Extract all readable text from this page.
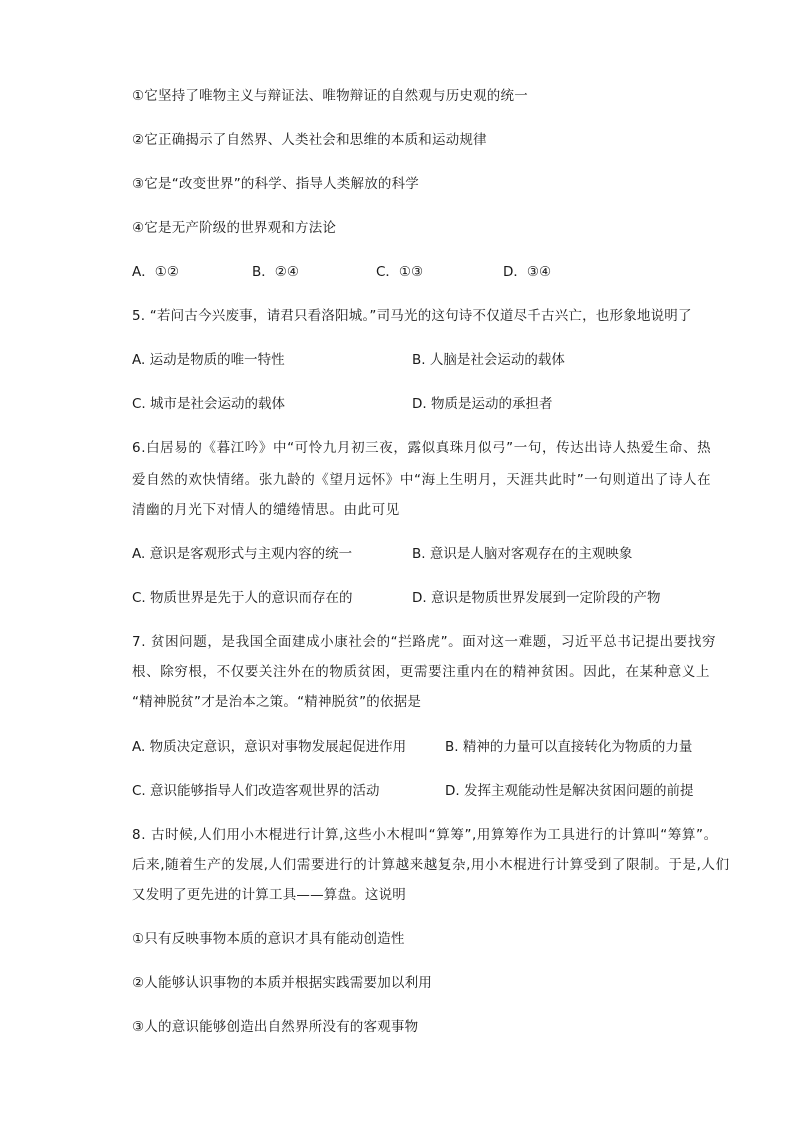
①它坚持了唯物主义与辩证法、唯物辩证的自然观与历史观的统一
②它正确揭示了自然界、人类社会和思维的本质和运动规律
③它是“改变世界”的科学、指导人类解放的科学
④它是无产阶级的世界观和方法论
A．①②	B．②④	C．①③	D．③④
5. “若问古今兴废事，请君只看洛阳城。”司马光的这句诗不仅道尽千古兴亡，也形象地说明了
A. 运动是物质的唯一特性	B. 人脑是社会运动的载体
C. 城市是社会运动的载体	D. 物质是运动的承担者
6.白居易的《暮江吟》中“可怜九月初三夜，露似真珠月似弓”一句，传达出诗人热爱生命、热
爱自然的欢快情绪。张九龄的《望月远怀》中“海上生明月，天涯共此时”一句则道出了诗人在
清幽的月光下对情人的缱绻情思。由此可见
A. 意识是客观形式与主观内容的统一	B. 意识是人脑对客观存在的主观映象
C. 物质世界是先于人的意识而存在的	D. 意识是物质世界发展到一定阶段的产物
7. 贫困问题，是我国全面建成小康社会的“拦路虎”。面对这一难题，习近平总书记提出要找穷
根、除穷根，不仅要关注外在的物质贫困，更需要注重内在的精神贫困。因此，在某种意义上
“精神脱贫”才是治本之策。“精神脱贫”的依据是
A. 物质决定意识，意识对事物发展起促进作用	B. 精神的力量可以直接转化为物质的力量
C. 意识能够指导人们改造客观世界的活动	D. 发挥主观能动性是解决贫困问题的前提
8. 古时候,人们用小木棍进行计算,这些小木棍叫“算筹”,用算筹作为工具进行的计算叫“筹算”。
后来,随着生产的发展,人们需要进行的计算越来越复杂,用小木棍进行计算受到了限制。于是,人们
又发明了更先进的计算工具——算盘。这说明
①只有反映事物本质的意识才具有能动创造性
②人能够认识事物的本质并根据实践需要加以利用
③人的意识能够创造出自然界所没有的客观事物
